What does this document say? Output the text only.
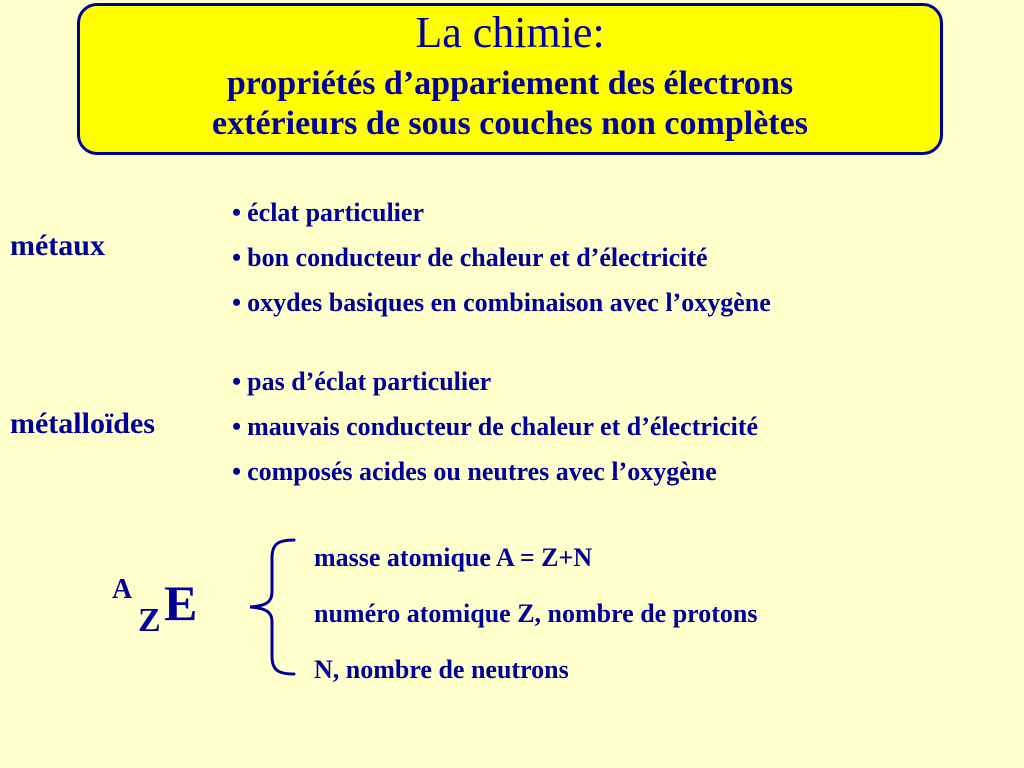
La chimie:
propriétés d’appariement des électrons
extérieurs de sous couches non complètes
métaux
• éclat particulier
• bon conducteur de chaleur et d’électricité
• oxydes basiques en combinaison avec l’oxygène
métalloïdes
• pas d’éclat particulier
• mauvais conducteur de chaleur et d’électricité
• composés acides ou neutres avec l’oxygène
A
Z E
masse atomique A = Z+N
numéro atomique Z, nombre de protons
N, nombre de neutrons
